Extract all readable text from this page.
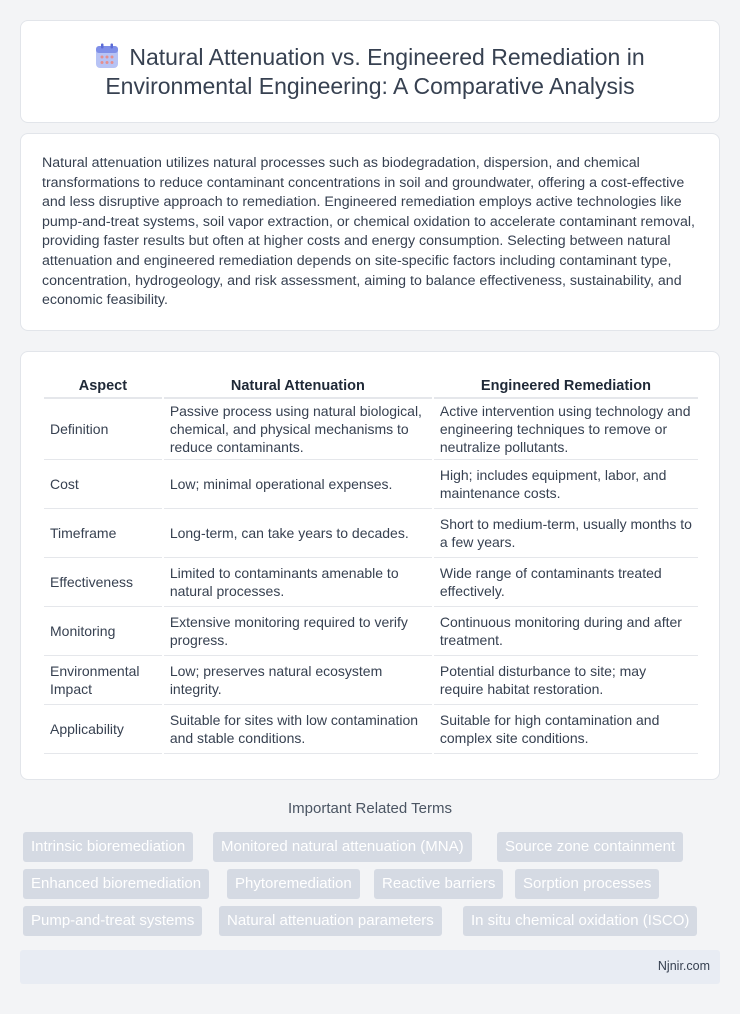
Natural Attenuation vs. Engineered Remediation in Environmental Engineering: A Comparative Analysis

Natural attenuation utilizes natural processes such as biodegradation, dispersion, and chemical transformations to reduce contaminant concentrations in soil and groundwater, offering a cost-effective and less disruptive approach to remediation. Engineered remediation employs active technologies like pump-and-treat systems, soil vapor extraction, or chemical oxidation to accelerate contaminant removal, providing faster results but often at higher costs and energy consumption. Selecting between natural attenuation and engineered remediation depends on site-specific factors including contaminant type, concentration, hydrogeology, and risk assessment, aiming to balance effectiveness, sustainability, and economic feasibility.

Aspect	Natural Attenuation	Engineered Remediation
Definition	Passive process using natural biological, chemical, and physical mechanisms to reduce contaminants.	Active intervention using technology and engineering techniques to remove or neutralize pollutants.
Cost	Low; minimal operational expenses.	High; includes equipment, labor, and maintenance costs.
Timeframe	Long-term, can take years to decades.	Short to medium-term, usually months to a few years.
Effectiveness	Limited to contaminants amenable to natural processes.	Wide range of contaminants treated effectively.
Monitoring	Extensive monitoring required to verify progress.	Continuous monitoring during and after treatment.
Environmental Impact	Low; preserves natural ecosystem integrity.	Potential disturbance to site; may require habitat restoration.
Applicability	Suitable for sites with low contamination and stable conditions.	Suitable for high contamination and complex site conditions.
Important Related Terms
Intrinsic bioremediation	Monitored natural attenuation (MNA)	Source zone containment
Enhanced bioremediation	Phytoremediation	Reactive barriers	Sorption processes
Pump-and-treat systems	Natural attenuation parameters	In situ chemical oxidation (ISCO)
Njnir.com
